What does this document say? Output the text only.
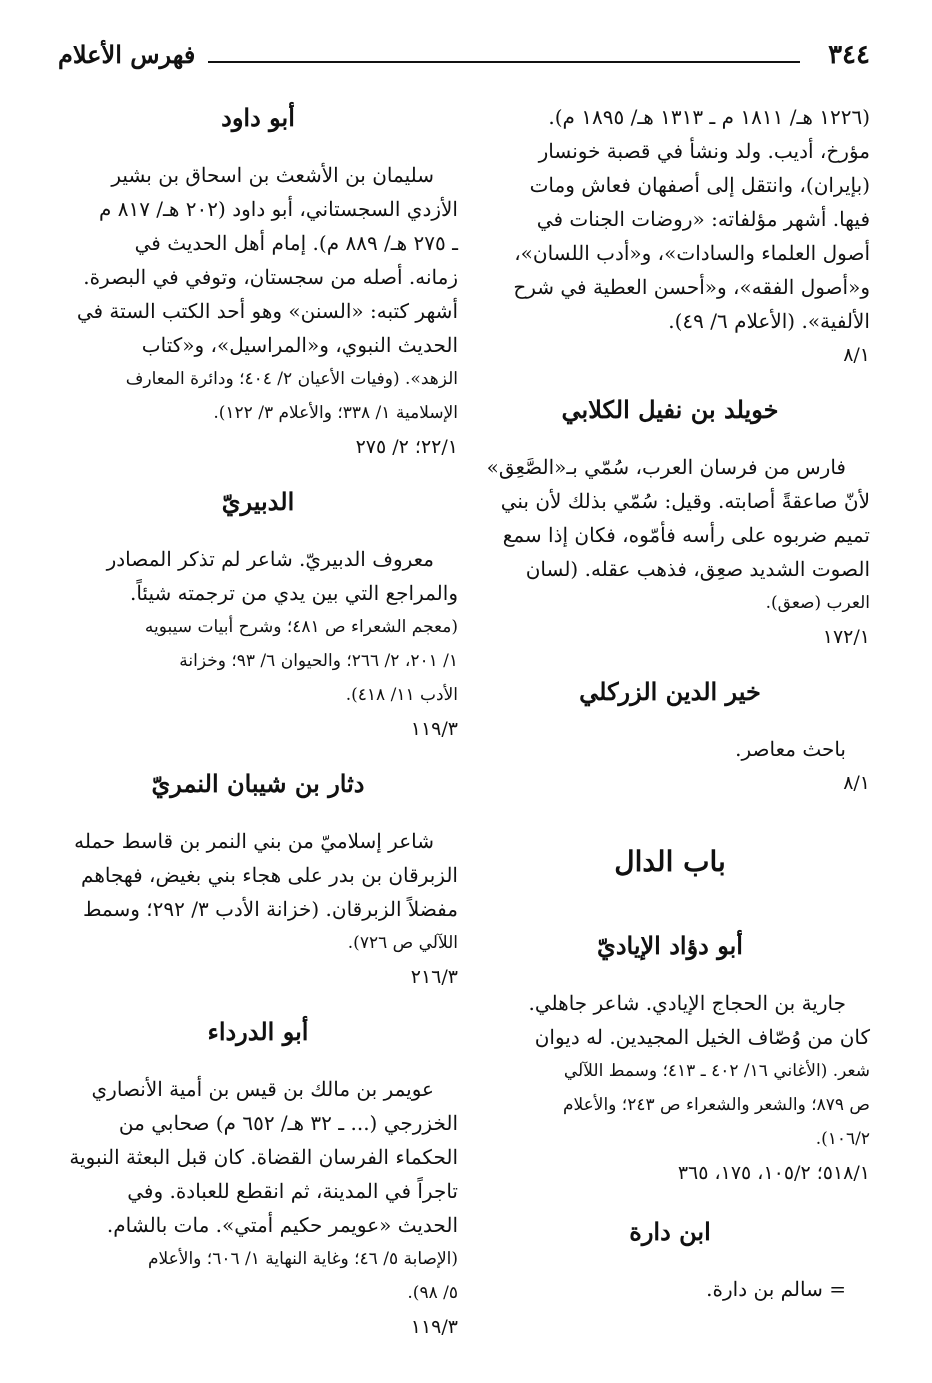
٣٤٤
فهرس الأعلام

(١٢٢٦ هـ/ ١٨١١ م ـ ١٣١٣ هـ/ ١٨٩٥ م).

مؤرخ، أديب. ولد ونشأ في قصبة خونسار

(بإيران)، وانتقل إلى أصفهان فعاش ومات

فيها. أشهر مؤلفاته: «روضات الجنات في

أصول العلماء والسادات»، و«أدب اللسان»،

و«أصول الفقه»، و«أحسن العطية في شرح

الألفية». (الأعلام ٦/ ٤٩).

٨/١

خويلد بن نفيل الكلابي

فارس من فرسان العرب، سُمّي بـ«الصَّعِق»

لأنّ صاعقةً أصابته. وقيل: سُمّي بذلك لأن بني

تميم ضربوه على رأسه فأمّوه، فكان إذا سمع

الصوت الشديد صعِق، فذهب عقله. (لسان

العرب (صعق).

١٧٢/١

خير الدين الزركلي

باحث معاصر.

٨/١

باب الدال
أبو دؤاد الإياديّ

جارية بن الحجاج الإيادي. شاعر جاهلي.

كان من وُصّاف الخيل المجيدين. له ديوان

شعر. (الأغاني ١٦/ ٤٠٢ ـ ٤١٣؛ وسمط اللآلي

ص ٨٧٩؛ والشعر والشعراء ص ٢٤٣؛ والأعلام

١٠٦/٢).

٥١٨/١؛ ١٠٥/٢، ١٧٥، ٣٦٥

ابن دارة

= سالم بن دارة.

أبو داود

سليمان بن الأشعث بن اسحاق بن بشير

الأزدي السجستاني، أبو داود (٢٠٢ هـ/ ٨١٧ م

ـ ٢٧٥ هـ/ ٨٨٩ م). إمام أهل الحديث في

زمانه. أصله من سجستان، وتوفي في البصرة.

أشهر كتبه: «السنن» وهو أحد الكتب الستة في

الحديث النبوي، و«المراسيل»، و«كتاب

الزهد». (وفيات الأعيان ٢/ ٤٠٤؛ ودائرة المعارف

الإسلامية ١/ ٣٣٨؛ والأعلام ٣/ ١٢٢).

٢٢/١؛ ٢/ ٢٧٥

الدبيريّ

معروف الدبيريّ. شاعر لم تذكر المصادر

والمراجع التي بين يدي من ترجمته شيئاً.

(معجم الشعراء ص ٤٨١؛ وشرح أبيات سيبويه

١/ ٢٠١، ٢/ ٢٦٦؛ والحيوان ٦/ ٩٣؛ وخزانة

الأدب ١١/ ٤١٨).

١١٩/٣

دثار بن شيبان النمريّ

شاعر إسلاميّ من بني النمر بن قاسط حمله

الزبرقان بن بدر على هجاء بني بغيض، فهجاهم

مفضلاً الزبرقان. (خزانة الأدب ٣/ ٢٩٢؛ وسمط

اللآلي ص ٧٢٦).

٢١٦/٣

أبو الدرداء

عويمر بن مالك بن قيس بن أمية الأنصاري

الخزرجي (... ـ ٣٢ هـ/ ٦٥٢ م) صحابي من

الحكماء الفرسان القضاة. كان قبل البعثة النبوية

تاجراً في المدينة، ثم انقطع للعبادة. وفي

الحديث «عويمر حكيم أمتي». مات بالشام.

(الإصابة ٥/ ٤٦؛ وغاية النهاية ١/ ٦٠٦؛ والأعلام

٥/ ٩٨).

١١٩/٣
